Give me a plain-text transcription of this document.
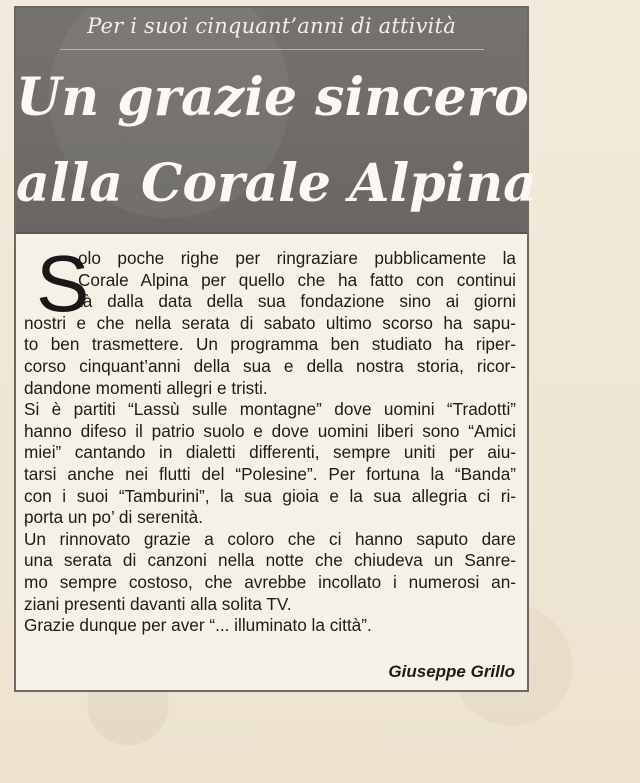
Per i suoi cinquant’anni di attività
Un grazie sincero
alla Corale Alpina
S
olo poche righe per ringraziare pubblicamente la
Corale Alpina per quello che ha fatto con continui
tà dalla data della sua fondazione sino ai giorni
nostri e che nella serata di sabato ultimo scorso ha sapu-
to ben trasmettere. Un programma ben studiato ha riper-
corso cinquant’anni della sua e della nostra storia, ricor-
dandone momenti allegri e tristi.
Si è partiti “Lassù sulle montagne” dove uomini “Tradotti”
hanno difeso il patrio suolo e dove uomini liberi sono “Amici
miei” cantando in dialetti differenti, sempre uniti per aiu-
tarsi anche nei flutti del “Polesine”. Per fortuna la “Banda”
con i suoi “Tamburini”, la sua gioia e la sua allegria ci ri-
porta un po’ di serenità.
Un rinnovato grazie a coloro che ci hanno saputo dare
una serata di canzoni nella notte che chiudeva un Sanre-
mo sempre costoso, che avrebbe incollato i numerosi an-
ziani presenti davanti alla solita TV.
Grazie dunque per aver “... illuminato la città”.
Giuseppe Grillo
